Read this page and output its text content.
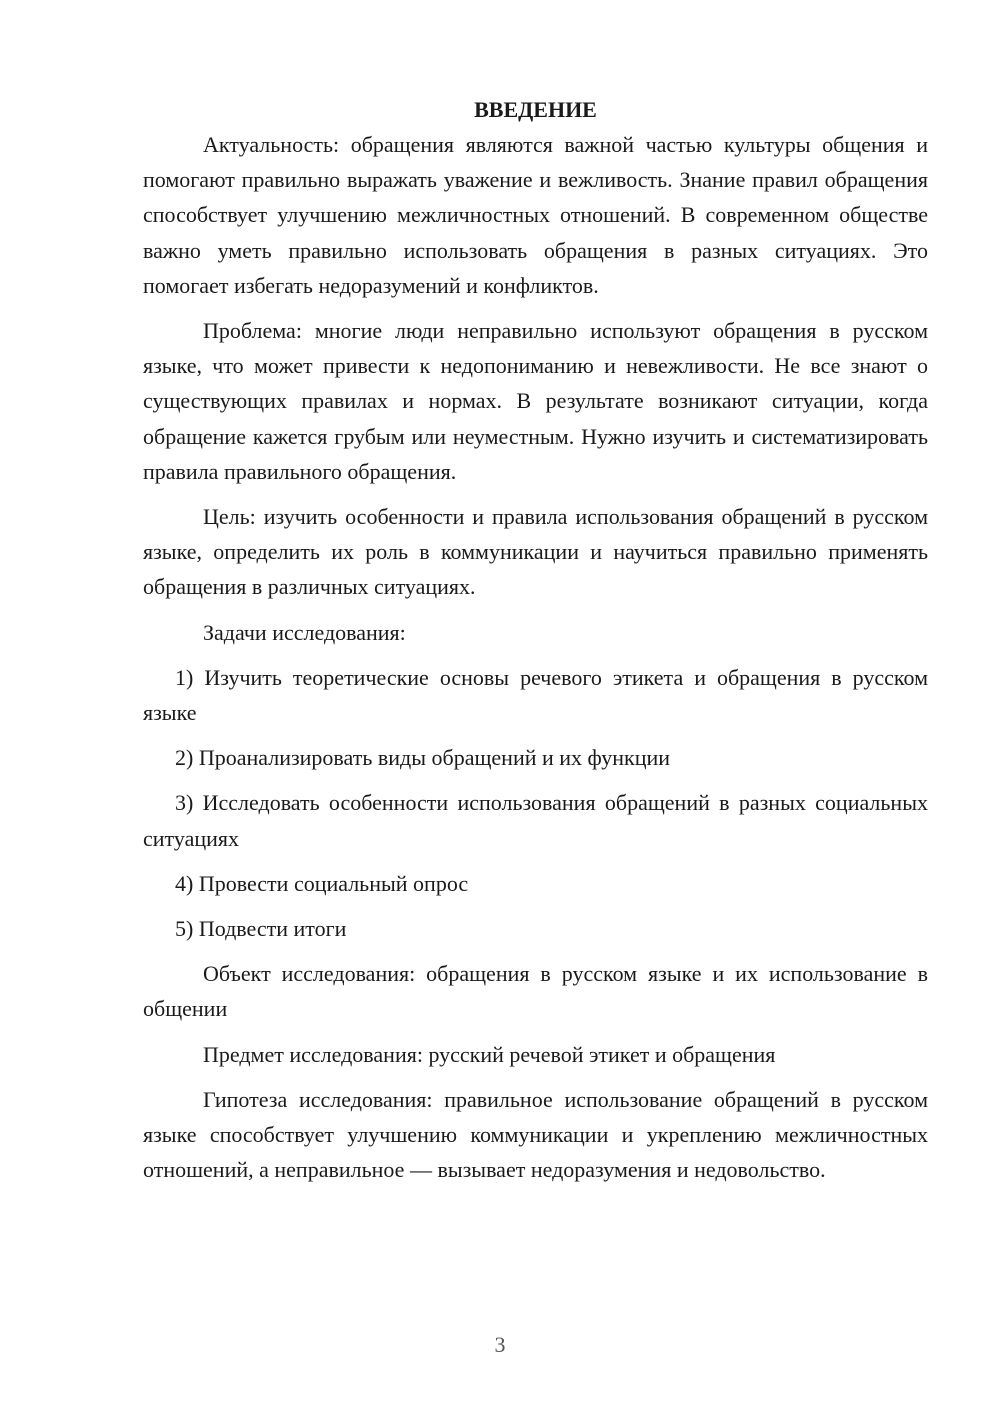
ВВЕДЕНИЕ

Актуальность: обращения являются важной частью культуры общения и помогают правильно выражать уважение и вежливость. Знание правил обращения способствует улучшению межличностных отношений. В современном обществе важно уметь правильно использовать обращения в разных ситуациях. Это помогает избегать недоразумений и конфликтов.

Проблема: многие люди неправильно используют обращения в русском языке, что может привести к недопониманию и невежливости. Не все знают о существующих правилах и нормах. В результате возникают ситуации, когда обращение кажется грубым или неуместным. Нужно изучить и систематизировать правила правильного обращения.

Цель: изучить особенности и правила использования обращений в русском языке, определить их роль в коммуникации и научиться правильно применять обращения в различных ситуациях.

Задачи исследования:

1) Изучить теоретические основы речевого этикета и обращения в русском языке

2) Проанализировать виды обращений и их функции

3) Исследовать особенности использования обращений в разных социальных ситуациях

4) Провести социальный опрос

5) Подвести итоги

Объект исследования: обращения в русском языке и их использование в общении

Предмет исследования: русский речевой этикет и обращения

Гипотеза исследования: правильное использование обращений в русском языке способствует улучшению коммуникации и укреплению межличностных отношений, а неправильное — вызывает недоразумения и недовольство.

3
